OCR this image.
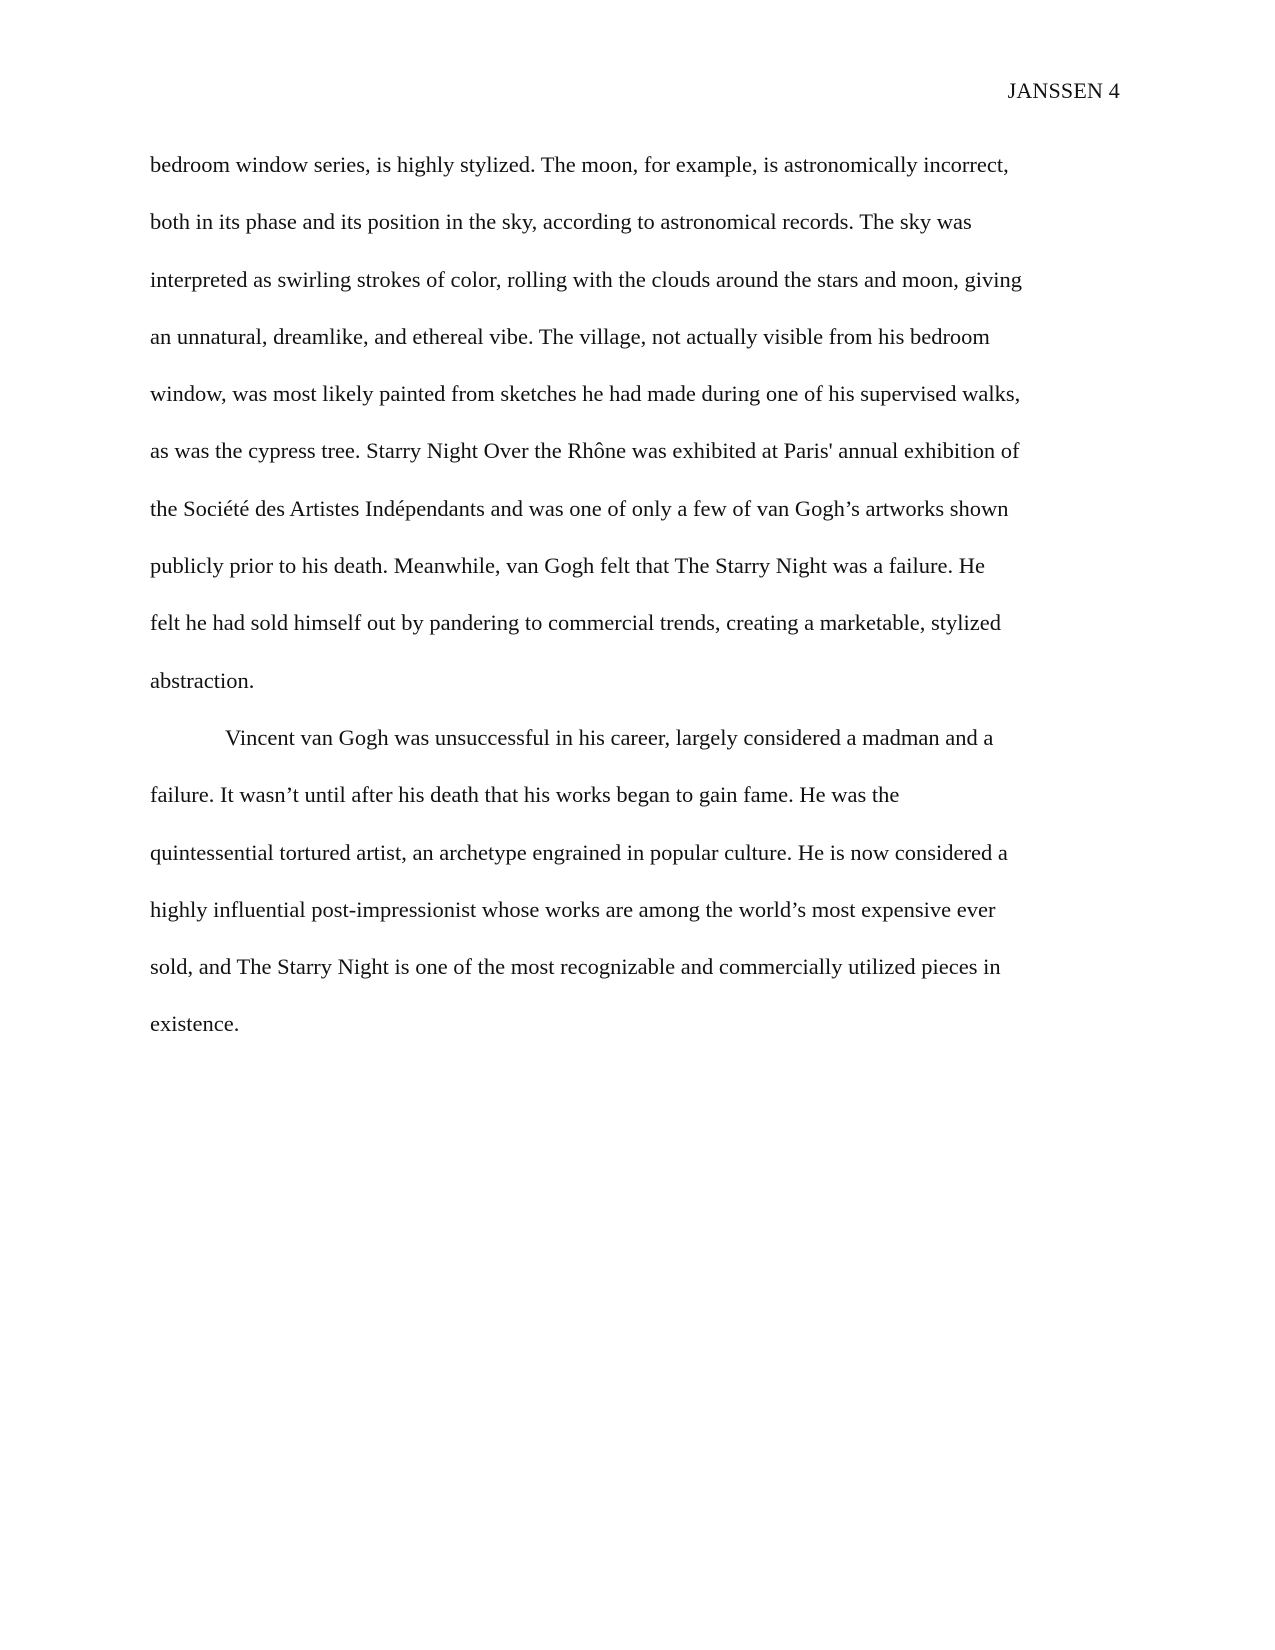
JANSSEN 4
bedroom window series, is highly stylized. The moon, for example, is astronomically incorrect,
both in its phase and its position in the sky, according to astronomical records. The sky was
interpreted as swirling strokes of color, rolling with the clouds around the stars and moon, giving
an unnatural, dreamlike, and ethereal vibe. The village, not actually visible from his bedroom
window, was most likely painted from sketches he had made during one of his supervised walks,
as was the cypress tree. Starry Night Over the Rhône was exhibited at Paris' annual exhibition of
the Société des Artistes Indépendants and was one of only a few of van Gogh’s artworks shown
publicly prior to his death. Meanwhile, van Gogh felt that The Starry Night was a failure. He
felt he had sold himself out by pandering to commercial trends, creating a marketable, stylized
abstraction.
Vincent van Gogh was unsuccessful in his career, largely considered a madman and a
failure. It wasn’t until after his death that his works began to gain fame. He was the
quintessential tortured artist, an archetype engrained in popular culture. He is now considered a
highly influential post-impressionist whose works are among the world’s most expensive ever
sold, and The Starry Night is one of the most recognizable and commercially utilized pieces in
existence.
